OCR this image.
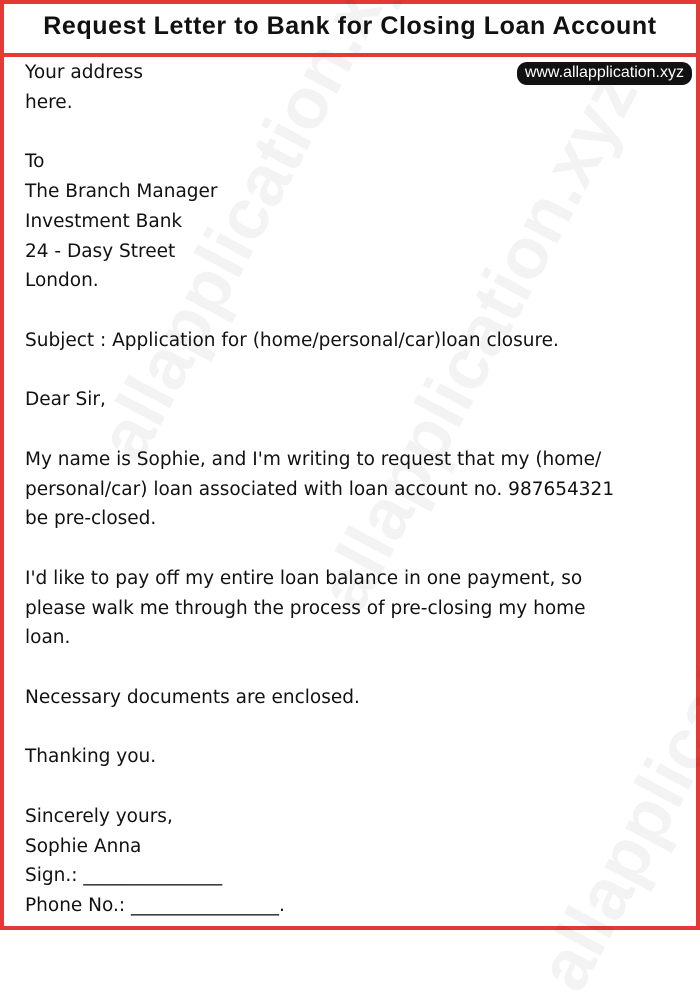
Request Letter to Bank for Closing Loan Account
www.allapplication.xyz
Your address
here.
To
The Branch Manager
Investment Bank
24 - Dasy Street
London.
Subject : Application for (home/personal/car)loan closure.
Dear Sir,
My name is Sophie, and I'm writing to request that my (home/
personal/car) loan associated with loan account no. 987654321
be pre-closed.
I'd like to pay off my entire loan balance in one payment, so
please walk me through the process of pre-closing my home
loan.
Necessary documents are enclosed.
Thanking you.
Sincerely yours,
Sophie Anna
Sign.: _______________
Phone No.: ________________.
